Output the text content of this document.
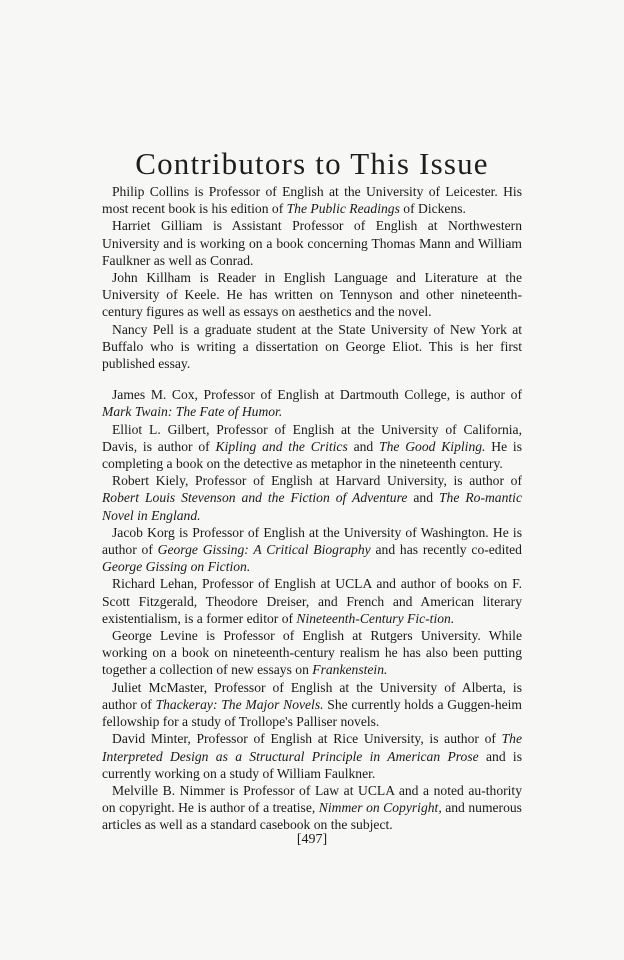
Contributors to This Issue

Philip Collins is Professor of English at the University of Leicester. His most recent book is his edition of The Public Readings of Dickens.

Harriet Gilliam is Assistant Professor of English at Northwestern University and is working on a book concerning Thomas Mann and William Faulkner as well as Conrad.

John Killham is Reader in English Language and Literature at the University of Keele. He has written on Tennyson and other nineteenth-century figures as well as essays on aesthetics and the novel.

Nancy Pell is a graduate student at the State University of New York at Buffalo who is writing a dissertation on George Eliot. This is her first published essay.

James M. Cox, Professor of English at Dartmouth College, is author of Mark Twain: The Fate of Humor.

Elliot L. Gilbert, Professor of English at the University of California, Davis, is author of Kipling and the Critics and The Good Kipling. He is completing a book on the detective as metaphor in the nineteenth century.

Robert Kiely, Professor of English at Harvard University, is author of Robert Louis Stevenson and the Fiction of Adventure and The Ro-mantic Novel in England.

Jacob Korg is Professor of English at the University of Washington. He is author of George Gissing: A Critical Biography and has recently co-edited George Gissing on Fiction.

Richard Lehan, Professor of English at UCLA and author of books on F. Scott Fitzgerald, Theodore Dreiser, and French and American literary existentialism, is a former editor of Nineteenth-Century Fic-tion.

George Levine is Professor of English at Rutgers University. While working on a book on nineteenth-century realism he has also been putting together a collection of new essays on Frankenstein.

Juliet McMaster, Professor of English at the University of Alberta, is author of Thackeray: The Major Novels. She currently holds a Guggen-heim fellowship for a study of Trollope's Palliser novels.

David Minter, Professor of English at Rice University, is author of The Interpreted Design as a Structural Principle in American Prose and is currently working on a study of William Faulkner.

Melville B. Nimmer is Professor of Law at UCLA and a noted au-thority on copyright. He is author of a treatise, Nimmer on Copyright, and numerous articles as well as a standard casebook on the subject.

[497]
